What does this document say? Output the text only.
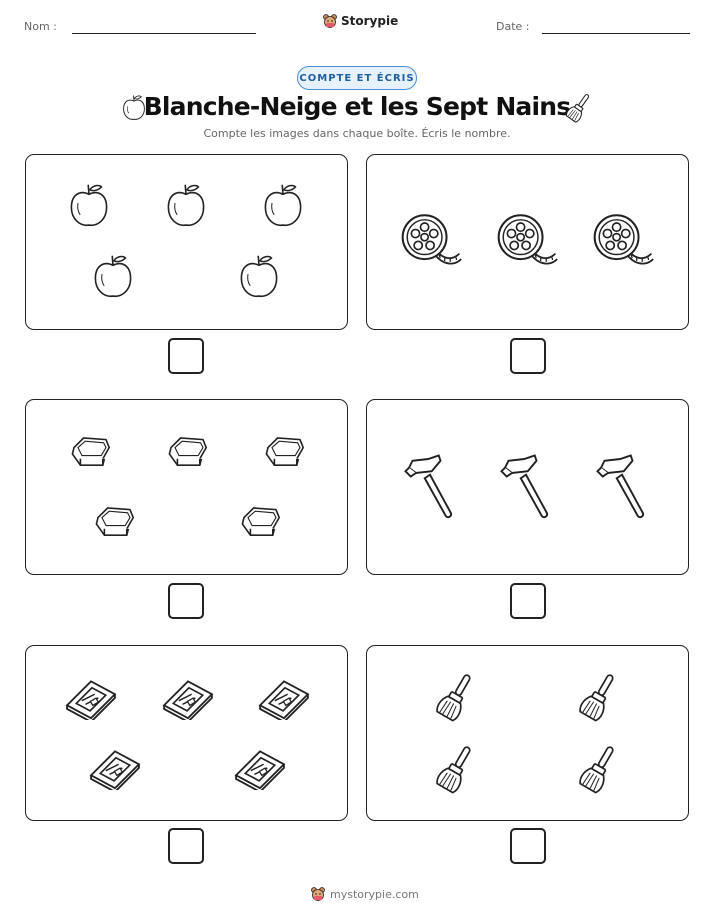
Nom :	Storypie	Date :
COMPTE ET ÉCRIS
Blanche-Neige et les Sept Nains
Compte les images dans chaque boîte. Écris le nombre.
mystorypie.com
